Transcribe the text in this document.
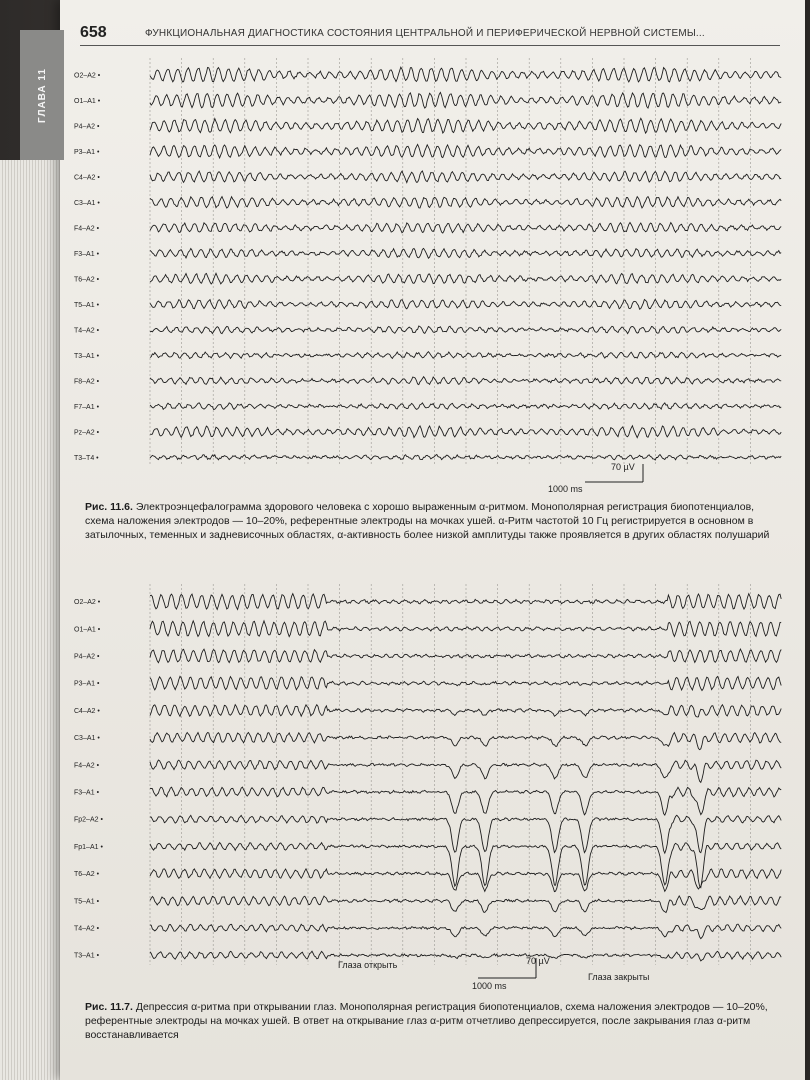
ГЛАВА 11
658	ФУНКЦИОНАЛЬНАЯ ДИАГНОСТИКА СОСТОЯНИЯ ЦЕНТРАЛЬНОЙ И ПЕРИФЕРИЧЕСКОЙ НЕРВНОЙ СИСТЕМЫ...
O2–A2 •
O1–A1 •
P4–A2 •
P3–A1 •
C4–A2 •
C3–A1 •
F4–A2 •
F3–A1 •
T6–A2 •
T5–A1 •
T4–A2 •
T3–A1 •
F8–A2 •
F7–A1 •
Pz–A2 •
T3–T4 •
1000 ms
70 µV
Рис. 11.6. Электроэнцефалограмма здорового человека с хорошо выраженным α-ритмом. Монополярная регистрация биопотенциалов, схема наложения электродов — 10–20%, референтные электроды на мочках ушей. α-Ритм частотой 10 Гц регистрируется в основном в затылочных, теменных и задневисочных областях, α-активность более низкой амплитуды также проявляется в других областях полушарий
O2–A2 •
O1–A1 •
P4–A2 •
P3–A1 •
C4–A2 •
C3–A1 •
F4–A2 •
F3–A1 •
Fp2–A2 •
Fp1–A1 •
T6–A2 •
T5–A1 •
T4–A2 •
T3–A1 •
Глаза открыть
Глаза закрыты
1000 ms
70 µV
Рис. 11.7. Депрессия α-ритма при открывании глаз. Монополярная регистрация биопотенциалов, схема наложения электродов — 10–20%, референтные электроды на мочках ушей. В ответ на открывание глаз α-ритм отчетливо депрессируется, после закрывания глаз α-ритм восстанавливается
